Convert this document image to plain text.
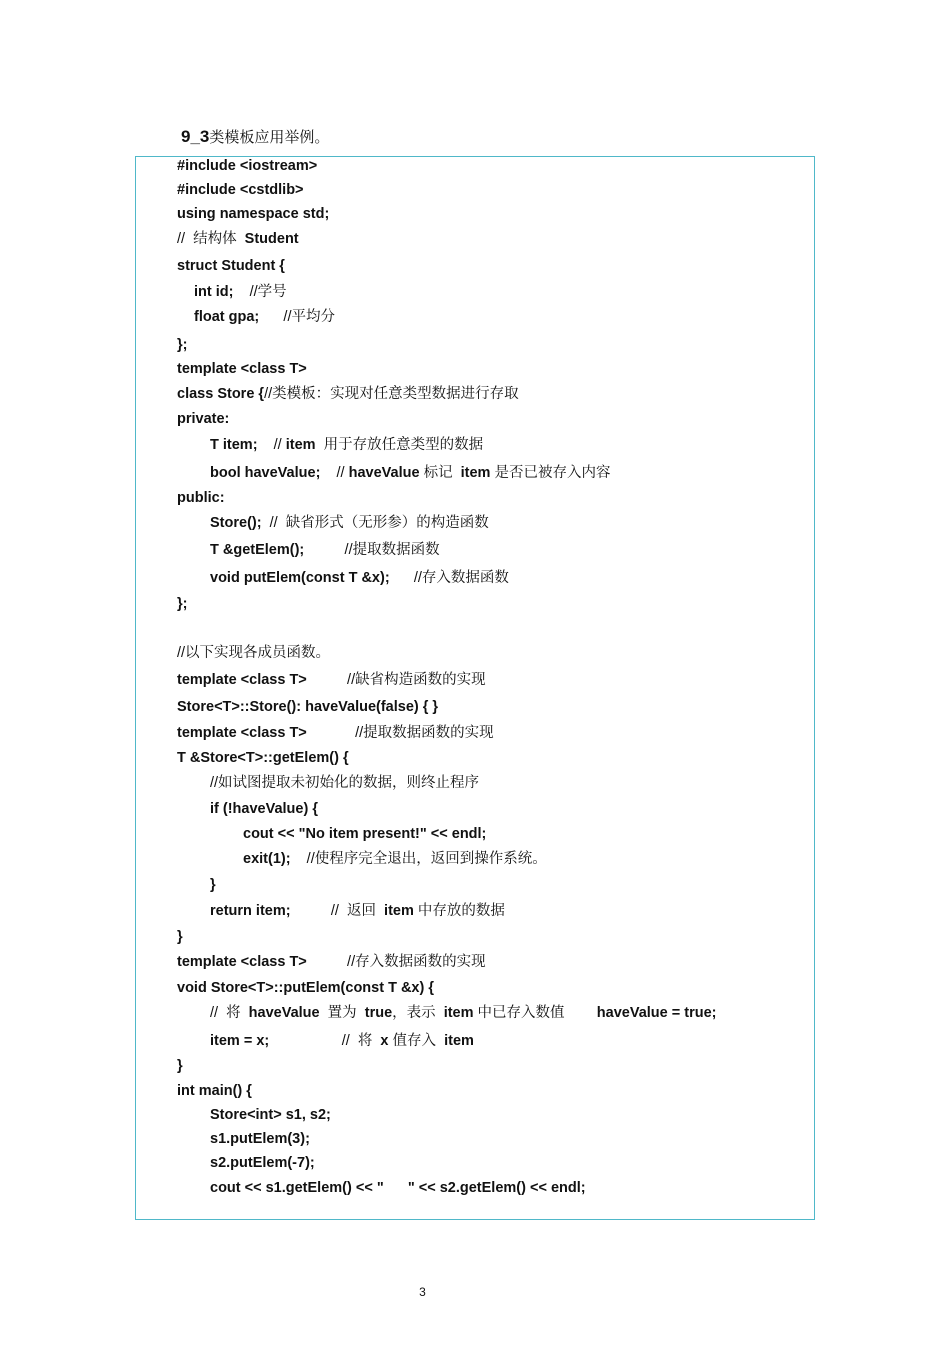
9_3类模板应用举例。
#include <iostream>
#include <cstdlib>
using namespace std;
//  结构体  Student
struct Student {
int id;    //学号
float gpa;      //平均分
};
template <class T>
class Store {//类模板：实现对任意类型数据进行存取
private:
T item;    // item  用于存放任意类型的数据
bool haveValue;    // haveValue 标记  item 是否已被存入内容
public:
Store();  //  缺省形式（无形参）的构造函数
T &getElem();          //提取数据函数
void putElem(const T &x);      //存入数据函数
};
//以下实现各成员函数。
template <class T>          //缺省构造函数的实现
Store<T>::Store(): haveValue(false) { }
template <class T>            //提取数据函数的实现
T &Store<T>::getElem() {
//如试图提取未初始化的数据，则终止程序
if (!haveValue) {
cout << "No item present!" << endl;
exit(1);    //使程序完全退出，返回到操作系统。
}
return item;          //  返回  item 中存放的数据
}
template <class T>          //存入数据函数的实现
void Store<T>::putElem(const T &x) {
//  将  haveValue  置为  true，表示  item 中已存入数值        haveValue = true;
item = x;                  //  将  x 值存入  item
}
int main() {
Store<int> s1, s2;
s1.putElem(3);
s2.putElem(-7);
cout << s1.getElem() << "      " << s2.getElem() << endl;
3
